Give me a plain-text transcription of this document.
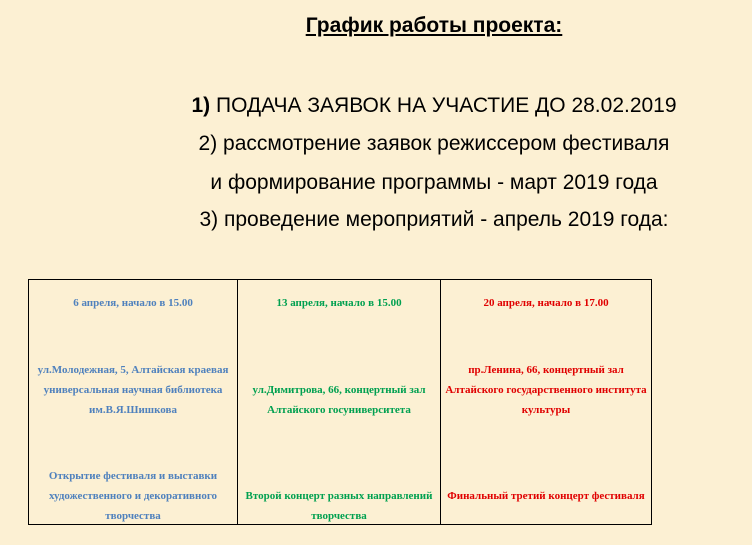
График работы проекта:
1) ПОДАЧА ЗАЯВОК НА УЧАСТИЕ ДО 28.02.2019
2) рассмотрение заявок режиссером фестиваля
и формирование программы - март 2019 года
3) проведение мероприятий - апрель 2019 года:
6 апреля, начало в 15.00
ул.Молодежная, 5, Алтайская краевая универсальная научная библиотека им.В.Я.Шишкова
Открытие фестиваля и выставки художественного и декоративного творчества
13 апреля, начало в 15.00
ул.Димитрова, 66, концертный зал Алтайского госуниверситета
Второй концерт разных направлений творчества
20 апреля, начало в 17.00
пр.Ленина, 66, концертный зал Алтайского государственного института культуры
Финальный третий концерт фестиваля
